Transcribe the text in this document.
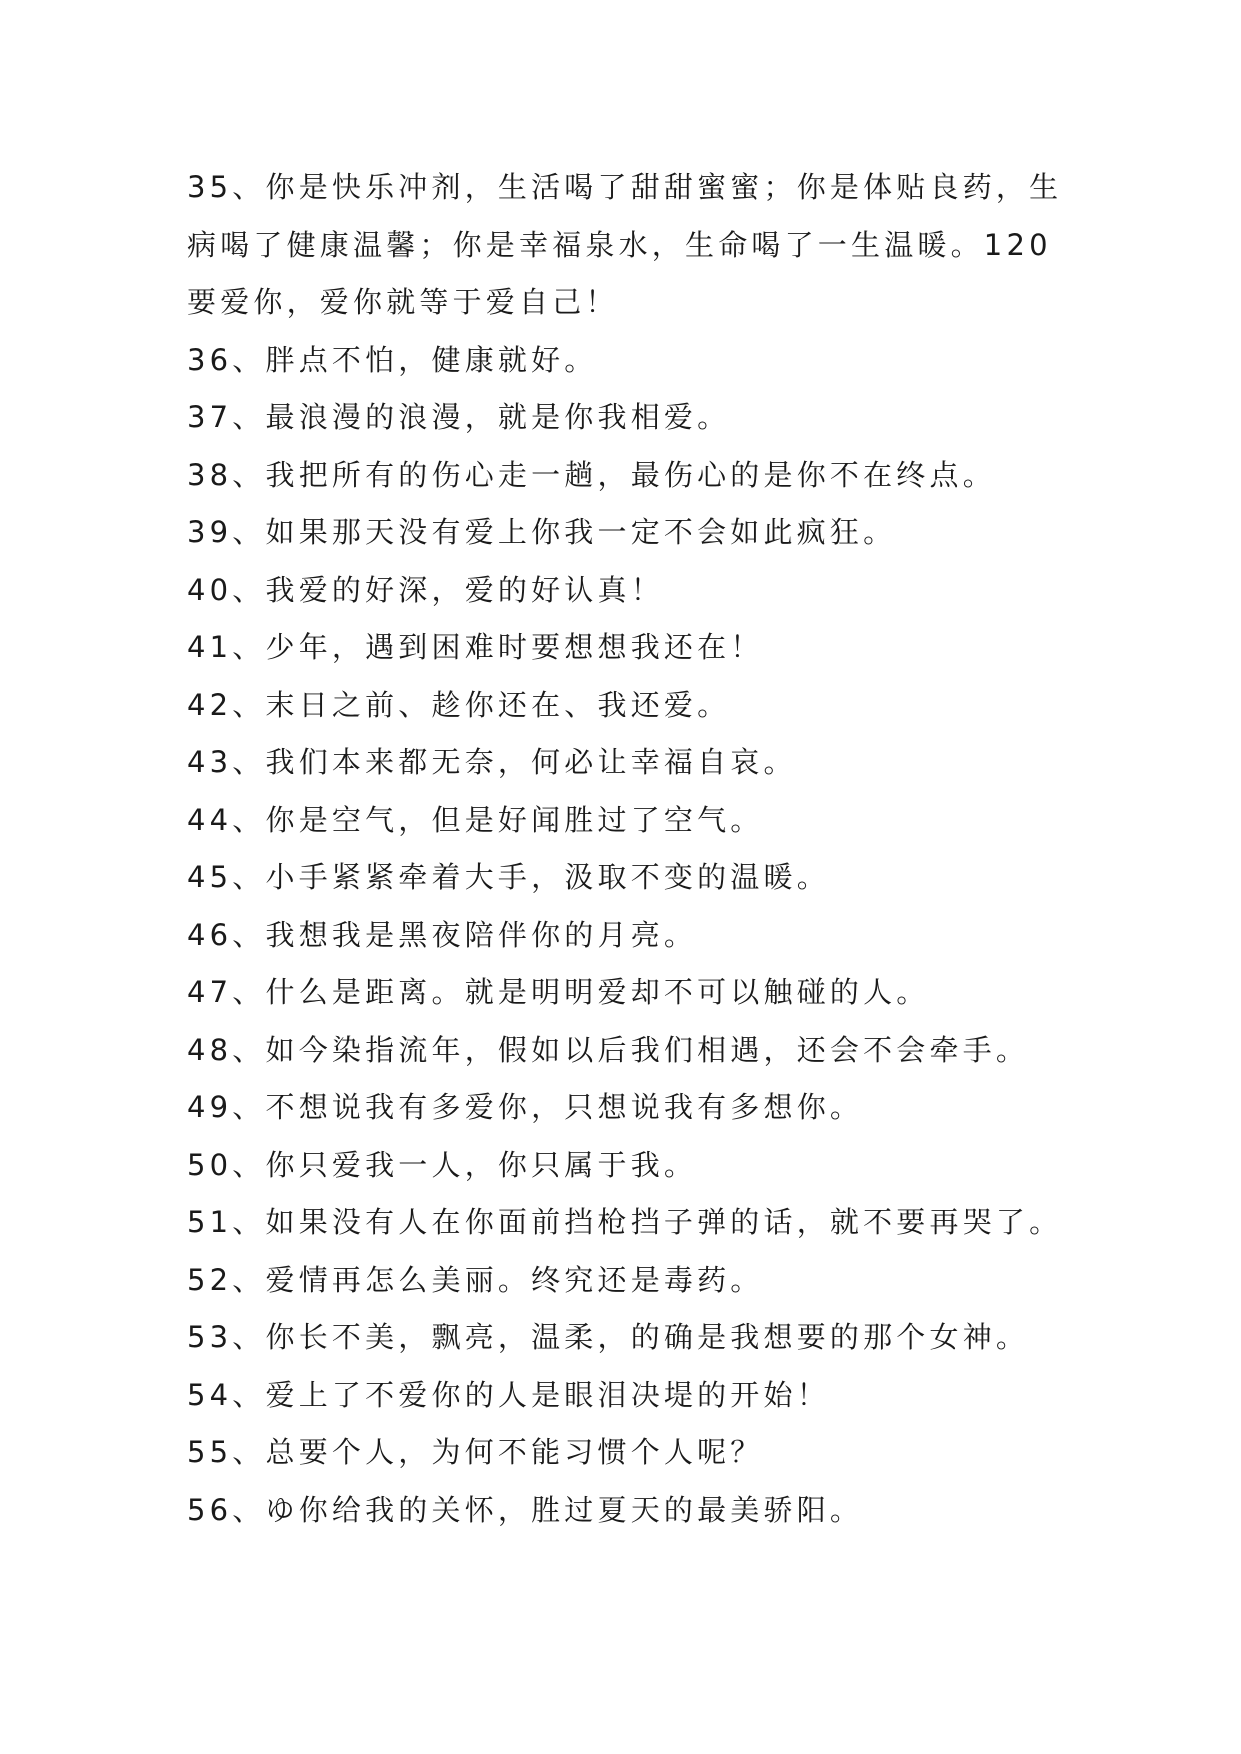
35、你是快乐冲剂，生活喝了甜甜蜜蜜；你是体贴良药，生
病喝了健康温馨；你是幸福泉水，生命喝了一生温暖。120
要爱你，爱你就等于爱自己！

36、胖点不怕，健康就好。

37、最浪漫的浪漫，就是你我相爱。

38、我把所有的伤心走一趟，最伤心的是你不在终点。

39、如果那天没有爱上你我一定不会如此疯狂。

40、我爱的好深，爱的好认真！

41、少年，遇到困难时要想想我还在！

42、末日之前、趁你还在、我还爱。

43、我们本来都无奈，何必让幸福自哀。

44、你是空气，但是好闻胜过了空气。

45、小手紧紧牵着大手，汲取不变的温暖。

46、我想我是黑夜陪伴你的月亮。

47、什么是距离。就是明明爱却不可以触碰的人。

48、如今染指流年，假如以后我们相遇，还会不会牵手。

49、不想说我有多爱你，只想说我有多想你。

50、你只爱我一人，你只属于我。

51、如果没有人在你面前挡枪挡子弹的话，就不要再哭了。

52、爱情再怎么美丽。终究还是毒药。

53、你长不美，飘亮，温柔，的确是我想要的那个女神。

54、爱上了不爱你的人是眼泪决堤的开始！

55、总要个人，为何不能习惯个人呢？

56、ゆ你给我的关怀，胜过夏天的最美骄阳。
